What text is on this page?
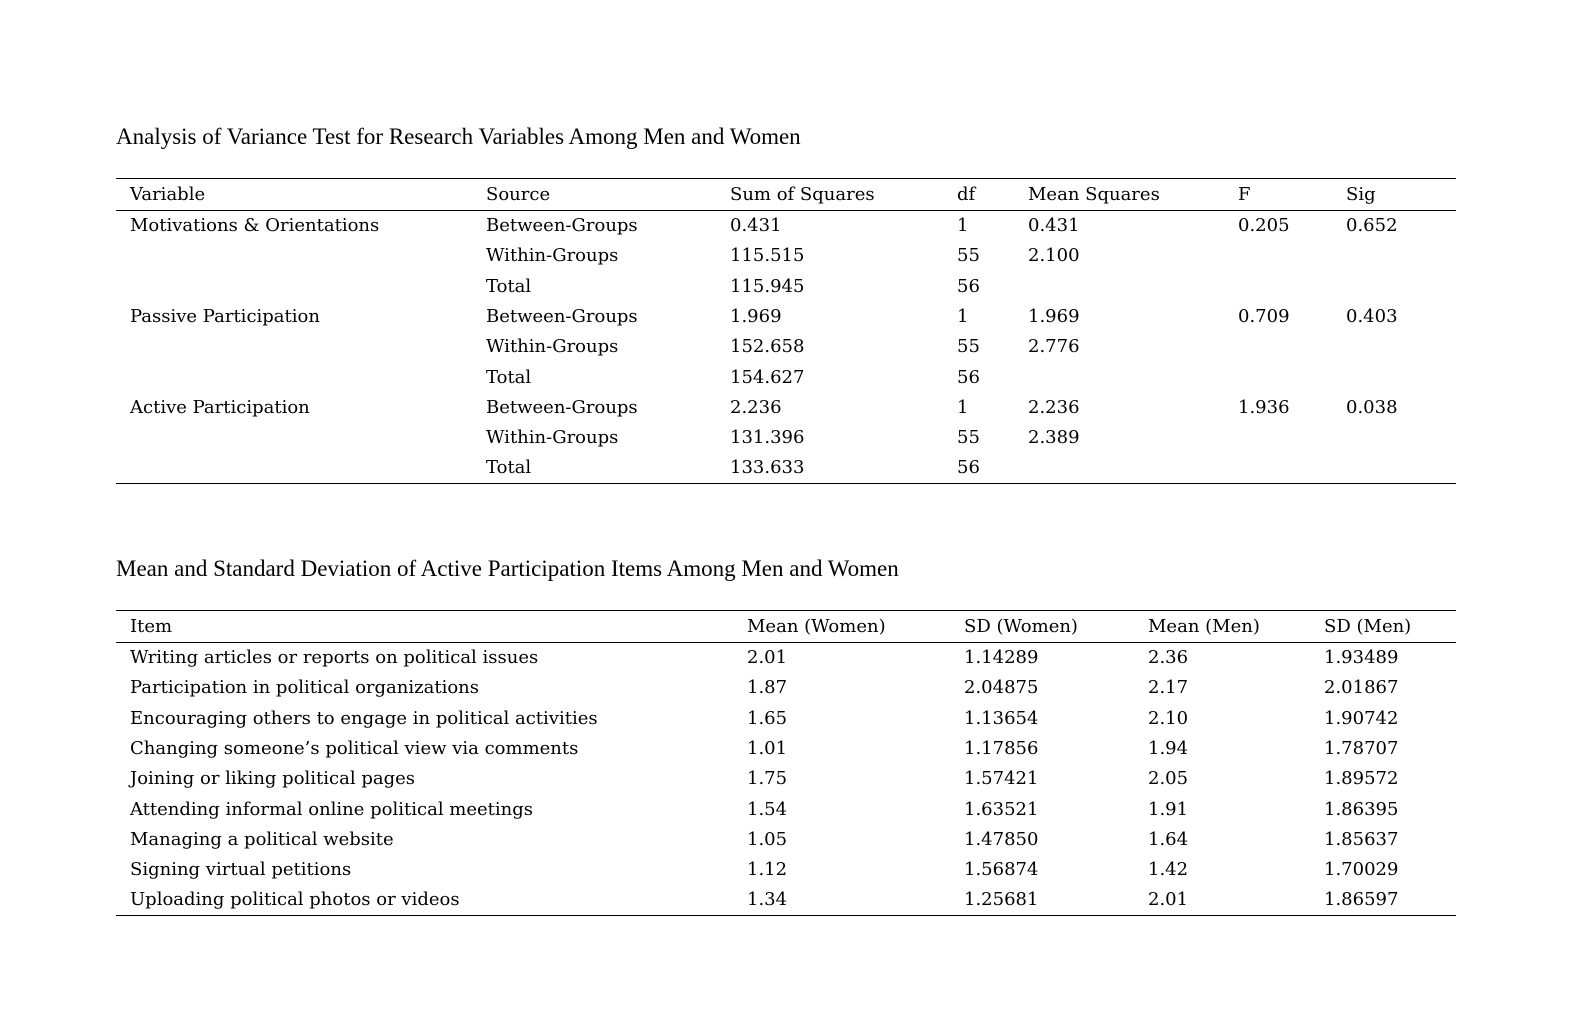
Analysis of Variance Test for Research Variables Among Men and Women
Variable	Source	Sum of Squares	df	Mean Squares	F	Sig
Motivations & Orientations	Between-Groups	0.431	1	0.431	0.205	0.652
	Within-Groups	115.515	55	2.100		
	Total	115.945	56			
Passive Participation	Between-Groups	1.969	1	1.969	0.709	0.403
	Within-Groups	152.658	55	2.776		
	Total	154.627	56			
Active Participation	Between-Groups	2.236	1	2.236	1.936	0.038
	Within-Groups	131.396	55	2.389		
	Total	133.633	56			
Mean and Standard Deviation of Active Participation Items Among Men and Women
Item	Mean (Women)	SD (Women)	Mean (Men)	SD (Men)
Writing articles or reports on political issues	2.01	1.14289	2.36	1.93489
Participation in political organizations	1.87	2.04875	2.17	2.01867
Encouraging others to engage in political activities	1.65	1.13654	2.10	1.90742
Changing someone’s political view via comments	1.01	1.17856	1.94	1.78707
Joining or liking political pages	1.75	1.57421	2.05	1.89572
Attending informal online political meetings	1.54	1.63521	1.91	1.86395
Managing a political website	1.05	1.47850	1.64	1.85637
Signing virtual petitions	1.12	1.56874	1.42	1.70029
Uploading political photos or videos	1.34	1.25681	2.01	1.86597
